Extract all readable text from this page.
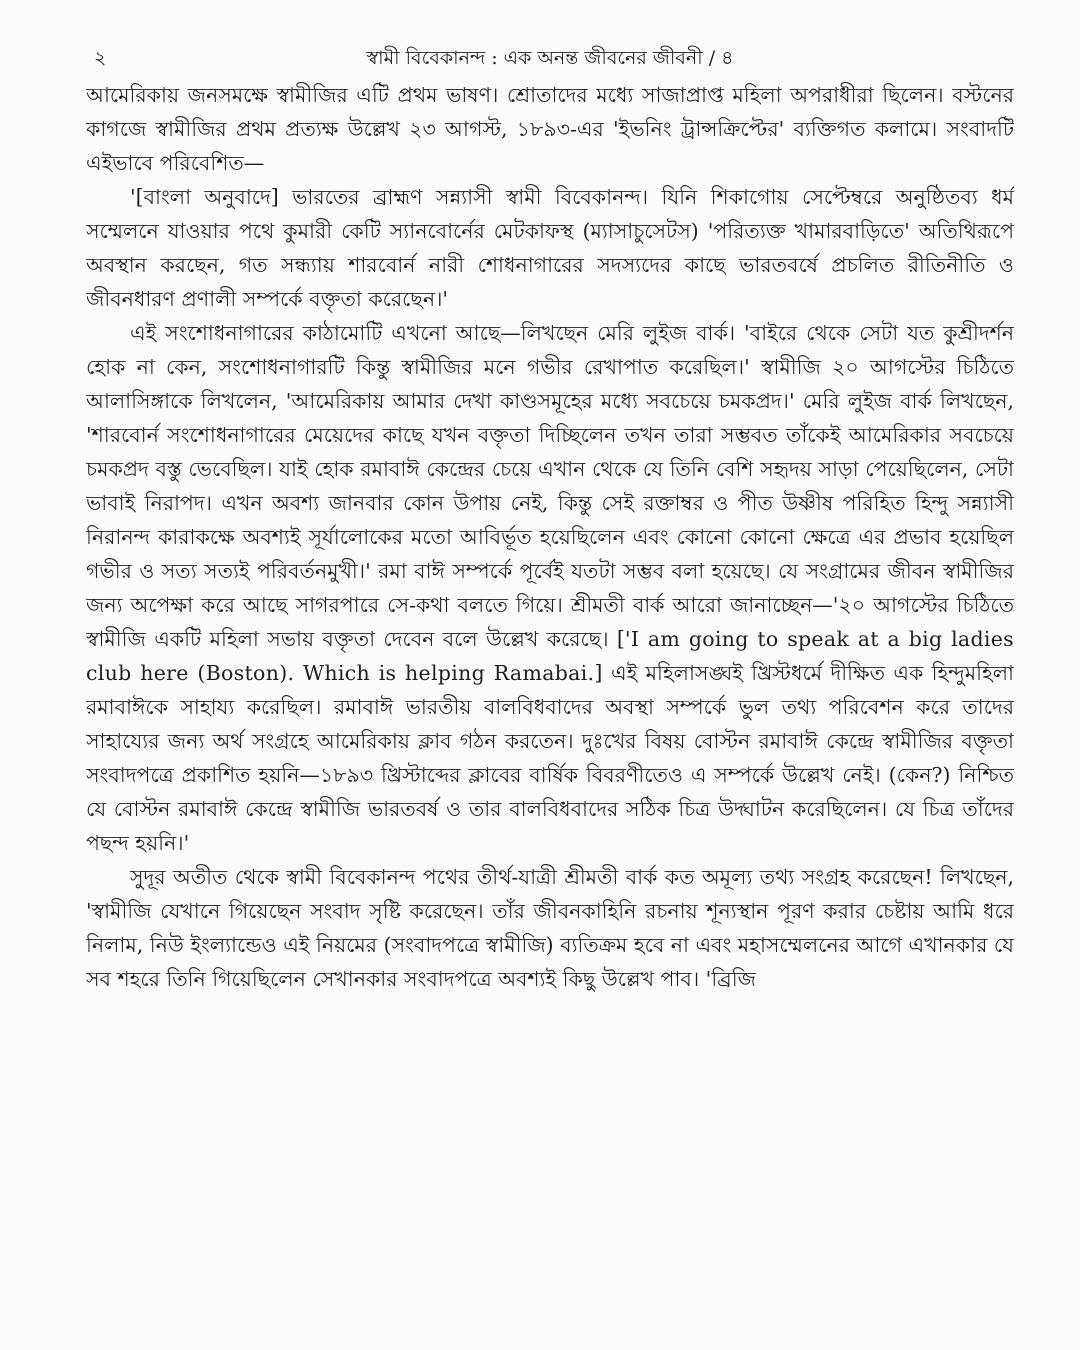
২	স্বামী বিবেকানন্দ : এক অনন্ত জীবনের জীবনী / ৪

আমেরিকায় জনসমক্ষে স্বামীজির এটি প্রথম ভাষণ। শ্রোতাদের মধ্যে সাজাপ্রাপ্ত মহিলা অপরাধীরা ছিলেন। বস্টনের কাগজে স্বামীজির প্রথম প্রত্যক্ষ উল্লেখ ২৩ আগস্ট, ১৮৯৩-এর 'ইভনিং ট্রান্সক্রিপ্টের' ব্যক্তিগত কলামে। সংবাদটি এইভাবে পরিবেশিত—

'[বাংলা অনুবাদে] ভারতের ব্রাহ্মণ সন্ন্যাসী স্বামী বিবেকানন্দ। যিনি শিকাগোয় সেপ্টেম্বরে অনুষ্ঠিতব্য ধর্ম সম্মেলনে যাওয়ার পথে কুমারী কেটি স্যানবোর্নের মেটকাফস্থ (ম্যাসাচুসেটস) 'পরিত্যক্ত খামারবাড়িতে' অতিথিরূপে অবস্থান করছেন, গত সন্ধ্যায় শারবোর্ন নারী শোধনাগারের সদস্যদের কাছে ভারতবর্ষে প্রচলিত রীতিনীতি ও জীবনধারণ প্রণালী সম্পর্কে বক্তৃতা করেছেন।'

এই সংশোধনাগারের কাঠামোটি এখনো আছে—লিখছেন মেরি লুইজ বার্ক। 'বাইরে থেকে সেটা যত কুশ্রীদর্শন হোক না কেন, সংশোধনাগারটি কিন্তু স্বামীজির মনে গভীর রেখাপাত করেছিল।' স্বামীজি ২০ আগস্টের চিঠিতে আলাসিঙ্গাকে লিখলেন, 'আমেরিকায় আমার দেখা কাণ্ডসমূহের মধ্যে সবচেয়ে চমকপ্রদ।' মেরি লুইজ বার্ক লিখছেন, 'শারবোর্ন সংশোধনাগারের মেয়েদের কাছে যখন বক্তৃতা দিচ্ছিলেন তখন তারা সম্ভবত তাঁকেই আমেরিকার সবচেয়ে চমকপ্রদ বস্তু ভেবেছিল। যাই হোক রমাবাঈ কেন্দ্রের চেয়ে এখান থেকে যে তিনি বেশি সহৃদয় সাড়া পেয়েছিলেন, সেটা ভাবাই নিরাপদ। এখন অবশ্য জানবার কোন উপায় নেই, কিন্তু সেই রক্তাম্বর ও পীত উষ্ণীষ পরিহিত হিন্দু সন্ন্যাসী নিরানন্দ কারাকক্ষে অবশ্যই সূর্যালোকের মতো আবির্ভূত হয়েছিলেন এবং কোনো কোনো ক্ষেত্রে এর প্রভাব হয়েছিল গভীর ও সত্য সত্যই পরিবর্তনমুখী।' রমা বাঈ সম্পর্কে পূর্বেই যতটা সম্ভব বলা হয়েছে। যে সংগ্রামের জীবন স্বামীজির জন্য অপেক্ষা করে আছে সাগরপারে সে-কথা বলতে গিয়ে। শ্রীমতী বার্ক আরো জানাচ্ছেন—'২০ আগস্টের চিঠিতে স্বামীজি একটি মহিলা সভায় বক্তৃতা দেবেন বলে উল্লেখ করেছে। ['I am going to speak at a big ladies club here (Boston). Which is helping Ramabai.] এই মহিলাসঙ্ঘই খ্রিস্টধর্মে দীক্ষিত এক হিন্দুমহিলা রমাবাঈকে সাহায্য করেছিল। রমাবাঈ ভারতীয় বালবিধবাদের অবস্থা সম্পর্কে ভুল তথ্য পরিবেশন করে তাদের সাহায্যের জন্য অর্থ সংগ্রহে আমেরিকায় ক্লাব গঠন করতেন। দুঃখের বিষয় বোস্টন রমাবাঈ কেন্দ্রে স্বামীজির বক্তৃতা সংবাদপত্রে প্রকাশিত হয়নি—১৮৯৩ খ্রিস্টাব্দের ক্লাবের বার্ষিক বিবরণীতেও এ সম্পর্কে উল্লেখ নেই। (কেন?) নিশ্চিত যে বোস্টন রমাবাঈ কেন্দ্রে স্বামীজি ভারতবর্ষ ও তার বালবিধবাদের সঠিক চিত্র উদ্ঘাটন করেছিলেন। যে চিত্র তাঁদের পছন্দ হয়নি।'

সুদূর অতীত থেকে স্বামী বিবেকানন্দ পথের তীর্থ-যাত্রী শ্রীমতী বার্ক কত অমূল্য তথ্য সংগ্রহ করেছেন! লিখছেন, 'স্বামীজি যেখানে গিয়েছেন সংবাদ সৃষ্টি করেছেন। তাঁর জীবনকাহিনি রচনায় শূন্যস্থান পূরণ করার চেষ্টায় আমি ধরে নিলাম, নিউ ইংল্যান্ডেও এই নিয়মের (সংবাদপত্রে স্বামীজি) ব্যতিক্রম হবে না এবং মহাসম্মেলনের আগে এখানকার যে সব শহরে তিনি গিয়েছিলেন সেখানকার সংবাদপত্রে অবশ্যই কিছু উল্লেখ পাব। 'ব্রিজি
